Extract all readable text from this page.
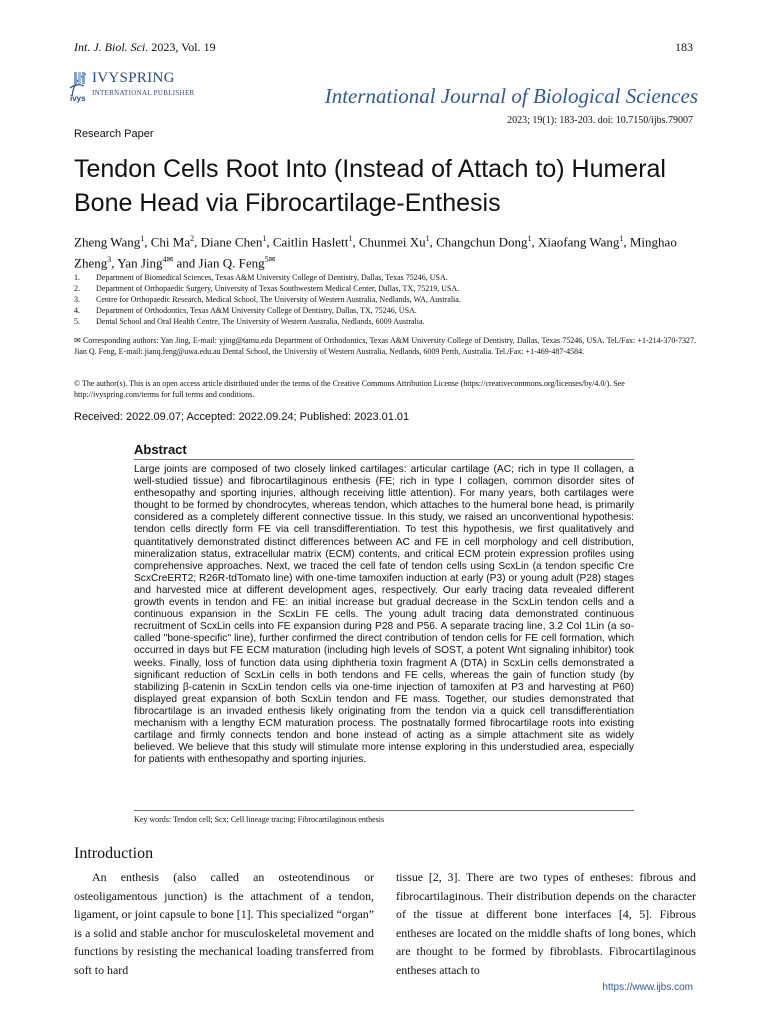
Int. J. Biol. Sci. 2023, Vol. 19	183
ivys
IVYSPRING
INTERNATIONAL PUBLISHER	International Journal of Biological Sciences
2023; 19(1): 183-203. doi: 10.7150/ijbs.79007
Research Paper
Tendon Cells Root Into (Instead of Attach to) Humeral Bone Head via Fibrocartilage-Enthesis
Zheng Wang$^1$, Chi Ma$^2$, Diane Chen$^1$, Caitlin Haslett$^1$, Chunmei Xu$^1$, Changchun Dong$^1$, Xiaofang Wang$^1$, Minghao Zheng$^3$, Yan Jing$^{4✉}$ and Jian Q. Feng$^{5✉}$
1.	Department of Biomedical Sciences, Texas A&M University College of Dentistry, Dallas, Texas 75246, USA.
2.	Department of Orthopaedic Surgery, University of Texas Southwestern Medical Center, Dallas, TX, 75219, USA.
3.	Centre for Orthopaedic Research, Medical School, The University of Western Australia, Nedlands, WA, Australia.
4.	Department of Orthodontics, Texas A&M University College of Dentistry, Dallas, TX, 75246, USA.
5.	Dental School and Oral Health Centre, The University of Western Australia, Nedlands, 6009 Australia.
✉ Corresponding authors: Yan Jing, E-mail: yjing@tamu.edu Department of Orthodontics, Texas A&M University College of Dentistry, Dallas, Texas 75246, USA. Tel./Fax: +1-214-370-7327. Jian Q. Feng, E-mail: jianq.feng@uwa.edu.au Dental School, the University of Western Australia, Nedlands, 6009 Perth, Australia. Tel./Fax: +1-469-487-4584.
© The author(s). This is an open access article distributed under the terms of the Creative Commons Attribution License (https://creativecommons.org/licenses/by/4.0/). See http://ivyspring.com/terms for full terms and conditions.
Received: 2022.09.07; Accepted: 2022.09.24; Published: 2023.01.01
Abstract
Large joints are composed of two closely linked cartilages: articular cartilage (AC; rich in type II collagen, a well-studied tissue) and fibrocartilaginous enthesis (FE; rich in type I collagen, common disorder sites of enthesopathy and sporting injuries, although receiving little attention). For many years, both cartilages were thought to be formed by chondrocytes, whereas tendon, which attaches to the humeral bone head, is primarily considered as a completely different connective tissue. In this study, we raised an unconventional hypothesis: tendon cells directly form FE via cell transdifferentiation. To test this hypothesis, we first qualitatively and quantitatively demonstrated distinct differences between AC and FE in cell morphology and cell distribution, mineralization status, extracellular matrix (ECM) contents, and critical ECM protein expression profiles using comprehensive approaches. Next, we traced the cell fate of tendon cells using ScxLin (a tendon specific Cre ScxCreERT2; R26R-tdTomato line) with one-time tamoxifen induction at early (P3) or young adult (P28) stages and harvested mice at different development ages, respectively. Our early tracing data revealed different growth events in tendon and FE: an initial increase but gradual decrease in the ScxLin tendon cells and a continuous expansion in the ScxLin FE cells. The young adult tracing data demonstrated continuous recruitment of ScxLin cells into FE expansion during P28 and P56. A separate tracing line, 3.2 Col 1Lin (a so-called "bone-specific" line), further confirmed the direct contribution of tendon cells for FE cell formation, which occurred in days but FE ECM maturation (including high levels of SOST, a potent Wnt signaling inhibitor) took weeks. Finally, loss of function data using diphtheria toxin fragment A (DTA) in ScxLin cells demonstrated a significant reduction of ScxLin cells in both tendons and FE cells, whereas the gain of function study (by stabilizing β-catenin in ScxLin tendon cells via one-time injection of tamoxifen at P3 and harvesting at P60) displayed great expansion of both ScxLin tendon and FE mass. Together, our studies demonstrated that fibrocartilage is an invaded enthesis likely originating from the tendon via a quick cell transdifferentiation mechanism with a lengthy ECM maturation process. The postnatally formed fibrocartilage roots into existing cartilage and firmly connects tendon and bone instead of acting as a simple attachment site as widely believed. We believe that this study will stimulate more intense exploring in this understudied area, especially for patients with enthesopathy and sporting injuries.
Key words: Tendon cell; Scx; Cell lineage tracing; Fibrocartilaginous enthesis
Introduction
An enthesis (also called an osteotendinous or osteoligamentous junction) is the attachment of a tendon, ligament, or joint capsule to bone [1]. This specialized “organ” is a solid and stable anchor for musculoskeletal movement and functions by resisting the mechanical loading transferred from soft to hard
tissue [2, 3]. There are two types of entheses: fibrous and fibrocartilaginous. Their distribution depends on the character of the tissue at different bone interfaces [4, 5]. Fibrous entheses are located on the middle shafts of long bones, which are thought to be formed by fibroblasts. Fibrocartilaginous entheses attach to
https://www.ijbs.com
